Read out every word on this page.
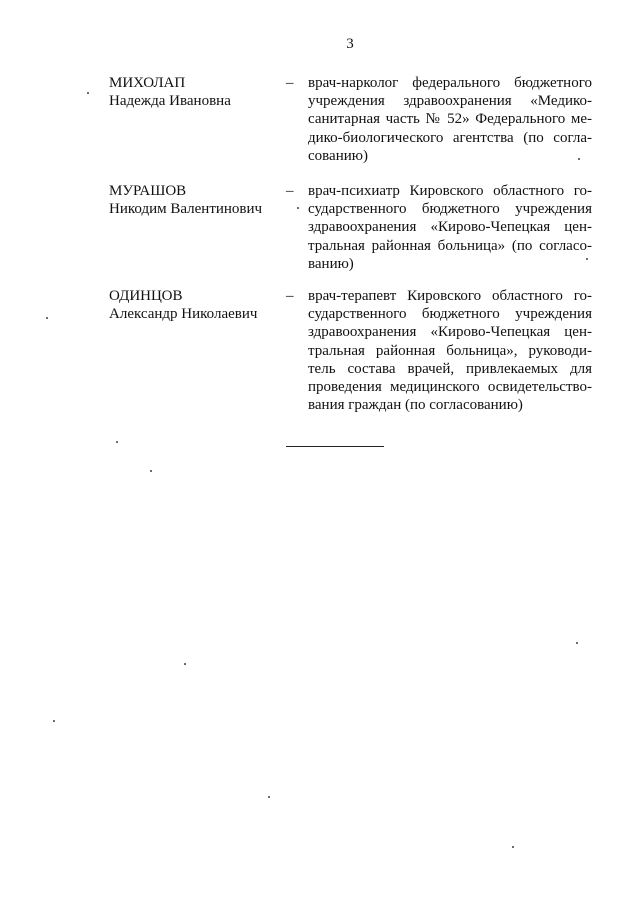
3
МИХОЛАП
Надежда Ивановна
– врач-нарколог федерального бюджетного
учреждения здравоохранения «Медико-
санитарная часть № 52» Федерального ме-
дико-биологического агентства (по согла-
сованию)
МУРАШОВ
Никодим Валентинович
– врач-психиатр Кировского областного го-
сударственного бюджетного учреждения
здравоохранения «Кирово-Чепецкая цен-
тральная районная больница» (по согласо-
ванию)
ОДИНЦОВ
Александр Николаевич
– врач-терапевт Кировского областного го-
сударственного бюджетного учреждения
здравоохранения «Кирово-Чепецкая цен-
тральная районная больница», руководи-
тель состава врачей, привлекаемых для
проведения медицинского освидетельство-
вания граждан (по согласованию)
